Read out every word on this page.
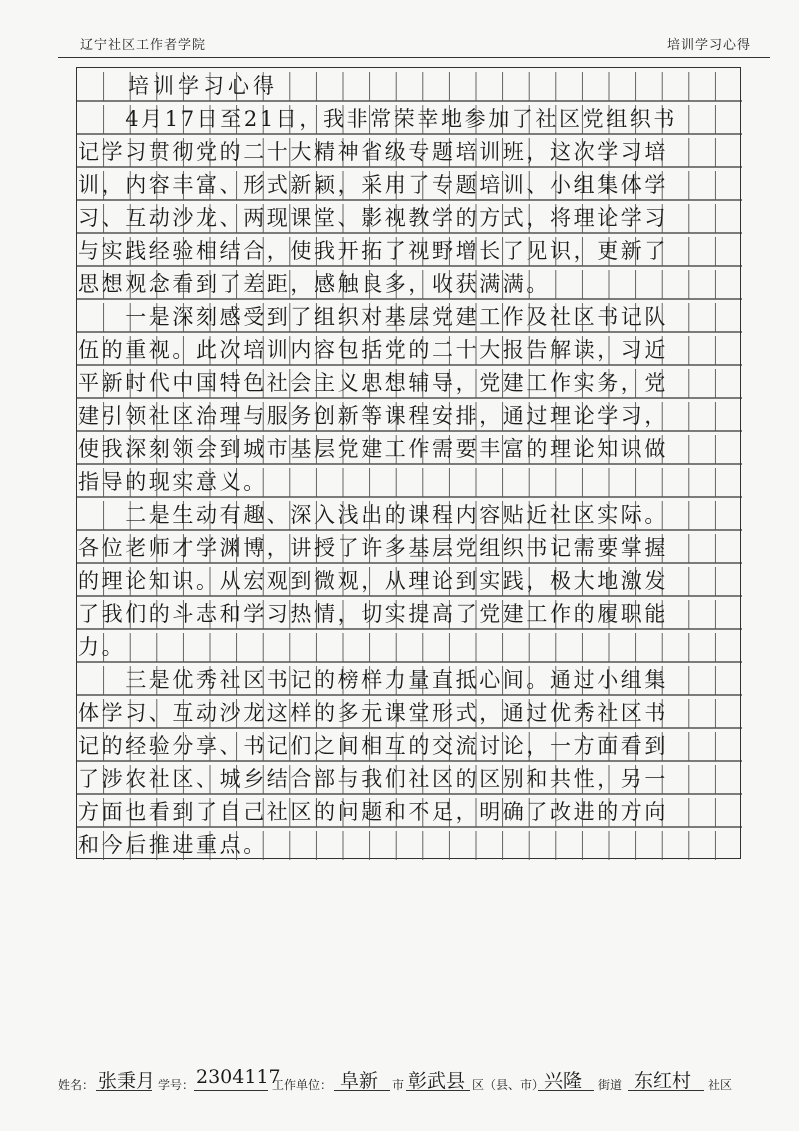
辽宁社区工作者学院	培训学习心得
　　培训学习心得
　　4月17日至21日，我非常荣幸地参加了社区党组织书
记学习贯彻党的二十大精神省级专题培训班，这次学习培
训，内容丰富、形式新颖，采用了专题培训、小组集体学
习、互动沙龙、两现课堂、影视教学的方式，将理论学习
与实践经验相结合，使我开拓了视野增长了见识，更新了
思想观念看到了差距，感触良多，收获满满。
　　一是深刻感受到了组织对基层党建工作及社区书记队
伍的重视。此次培训内容包括党的二十大报告解读，习近
平新时代中国特色社会主义思想辅导，党建工作实务，党
建引领社区治理与服务创新等课程安排，通过理论学习，
使我深刻领会到城市基层党建工作需要丰富的理论知识做
指导的现实意义。
　　二是生动有趣、深入浅出的课程内容贴近社区实际。
各位老师才学渊博，讲授了许多基层党组织书记需要掌握
的理论知识。从宏观到微观，从理论到实践，极大地激发
了我们的斗志和学习热情，切实提高了党建工作的履职能
力。
　　三是优秀社区书记的榜样力量直抵心间。通过小组集
体学习、互动沙龙这样的多元课堂形式，通过优秀社区书
记的经验分享、书记们之间相互的交流讨论，一方面看到
了涉农社区、城乡结合部与我们社区的区别和共性，另一
方面也看到了自己社区的问题和不足，明确了改进的方向
和今后推进重点。
姓名： 张秉月 学号： 2304117
工作单位： 阜新 市 彰武县 区（县、市） 兴隆 街道 东红村 社区
